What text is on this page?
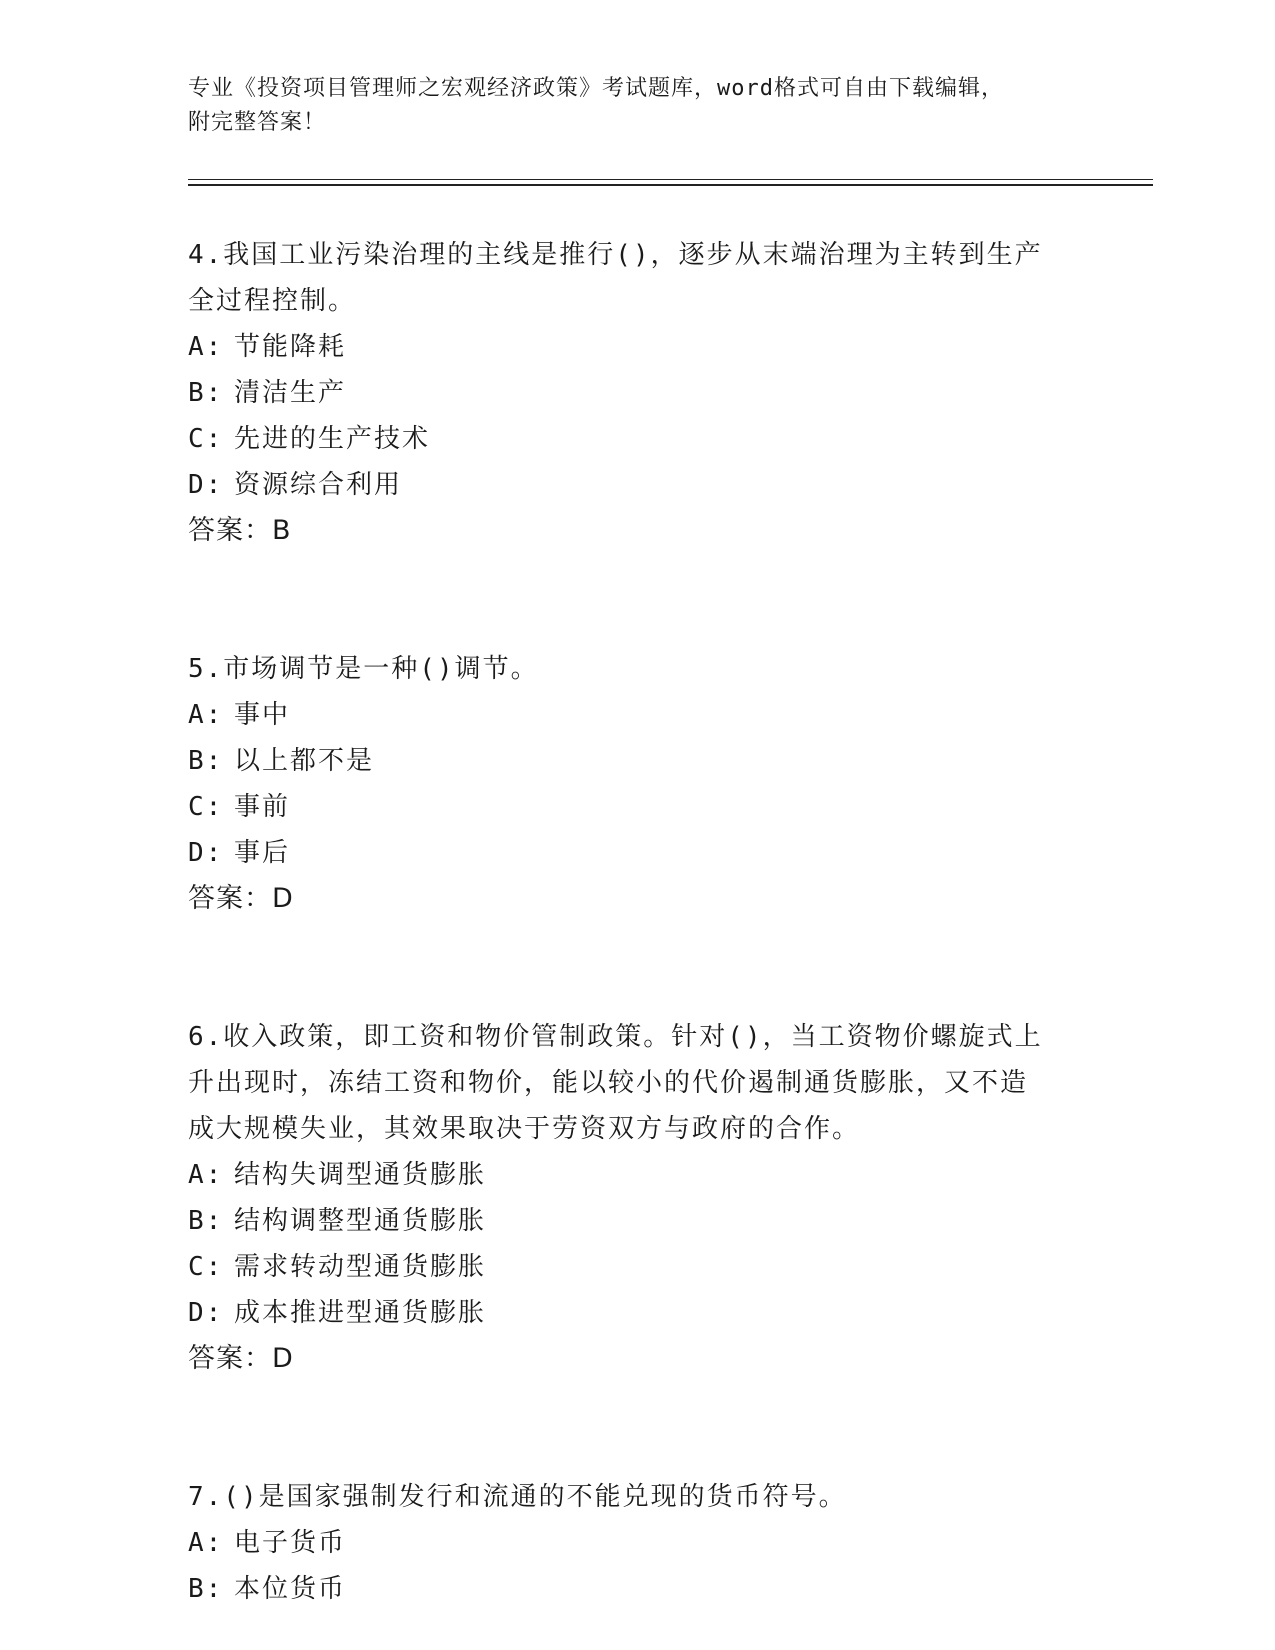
专业《投资项目管理师之宏观经济政策》考试题库，word格式可自由下载编辑，
附完整答案！

4.我国工业污染治理的主线是推行()，逐步从末端治理为主转到生产

全过程控制。

A: 节能降耗

B: 清洁生产

C: 先进的生产技术

D: 资源综合利用

答案：B

5.市场调节是一种()调节。

A: 事中

B: 以上都不是

C: 事前

D: 事后

答案：D

6.收入政策，即工资和物价管制政策。针对()，当工资物价螺旋式上

升出现时，冻结工资和物价，能以较小的代价遏制通货膨胀，又不造

成大规模失业，其效果取决于劳资双方与政府的合作。

A: 结构失调型通货膨胀

B: 结构调整型通货膨胀

C: 需求转动型通货膨胀

D: 成本推进型通货膨胀

答案：D

7.()是国家强制发行和流通的不能兑现的货币符号。

A: 电子货币

B: 本位货币
